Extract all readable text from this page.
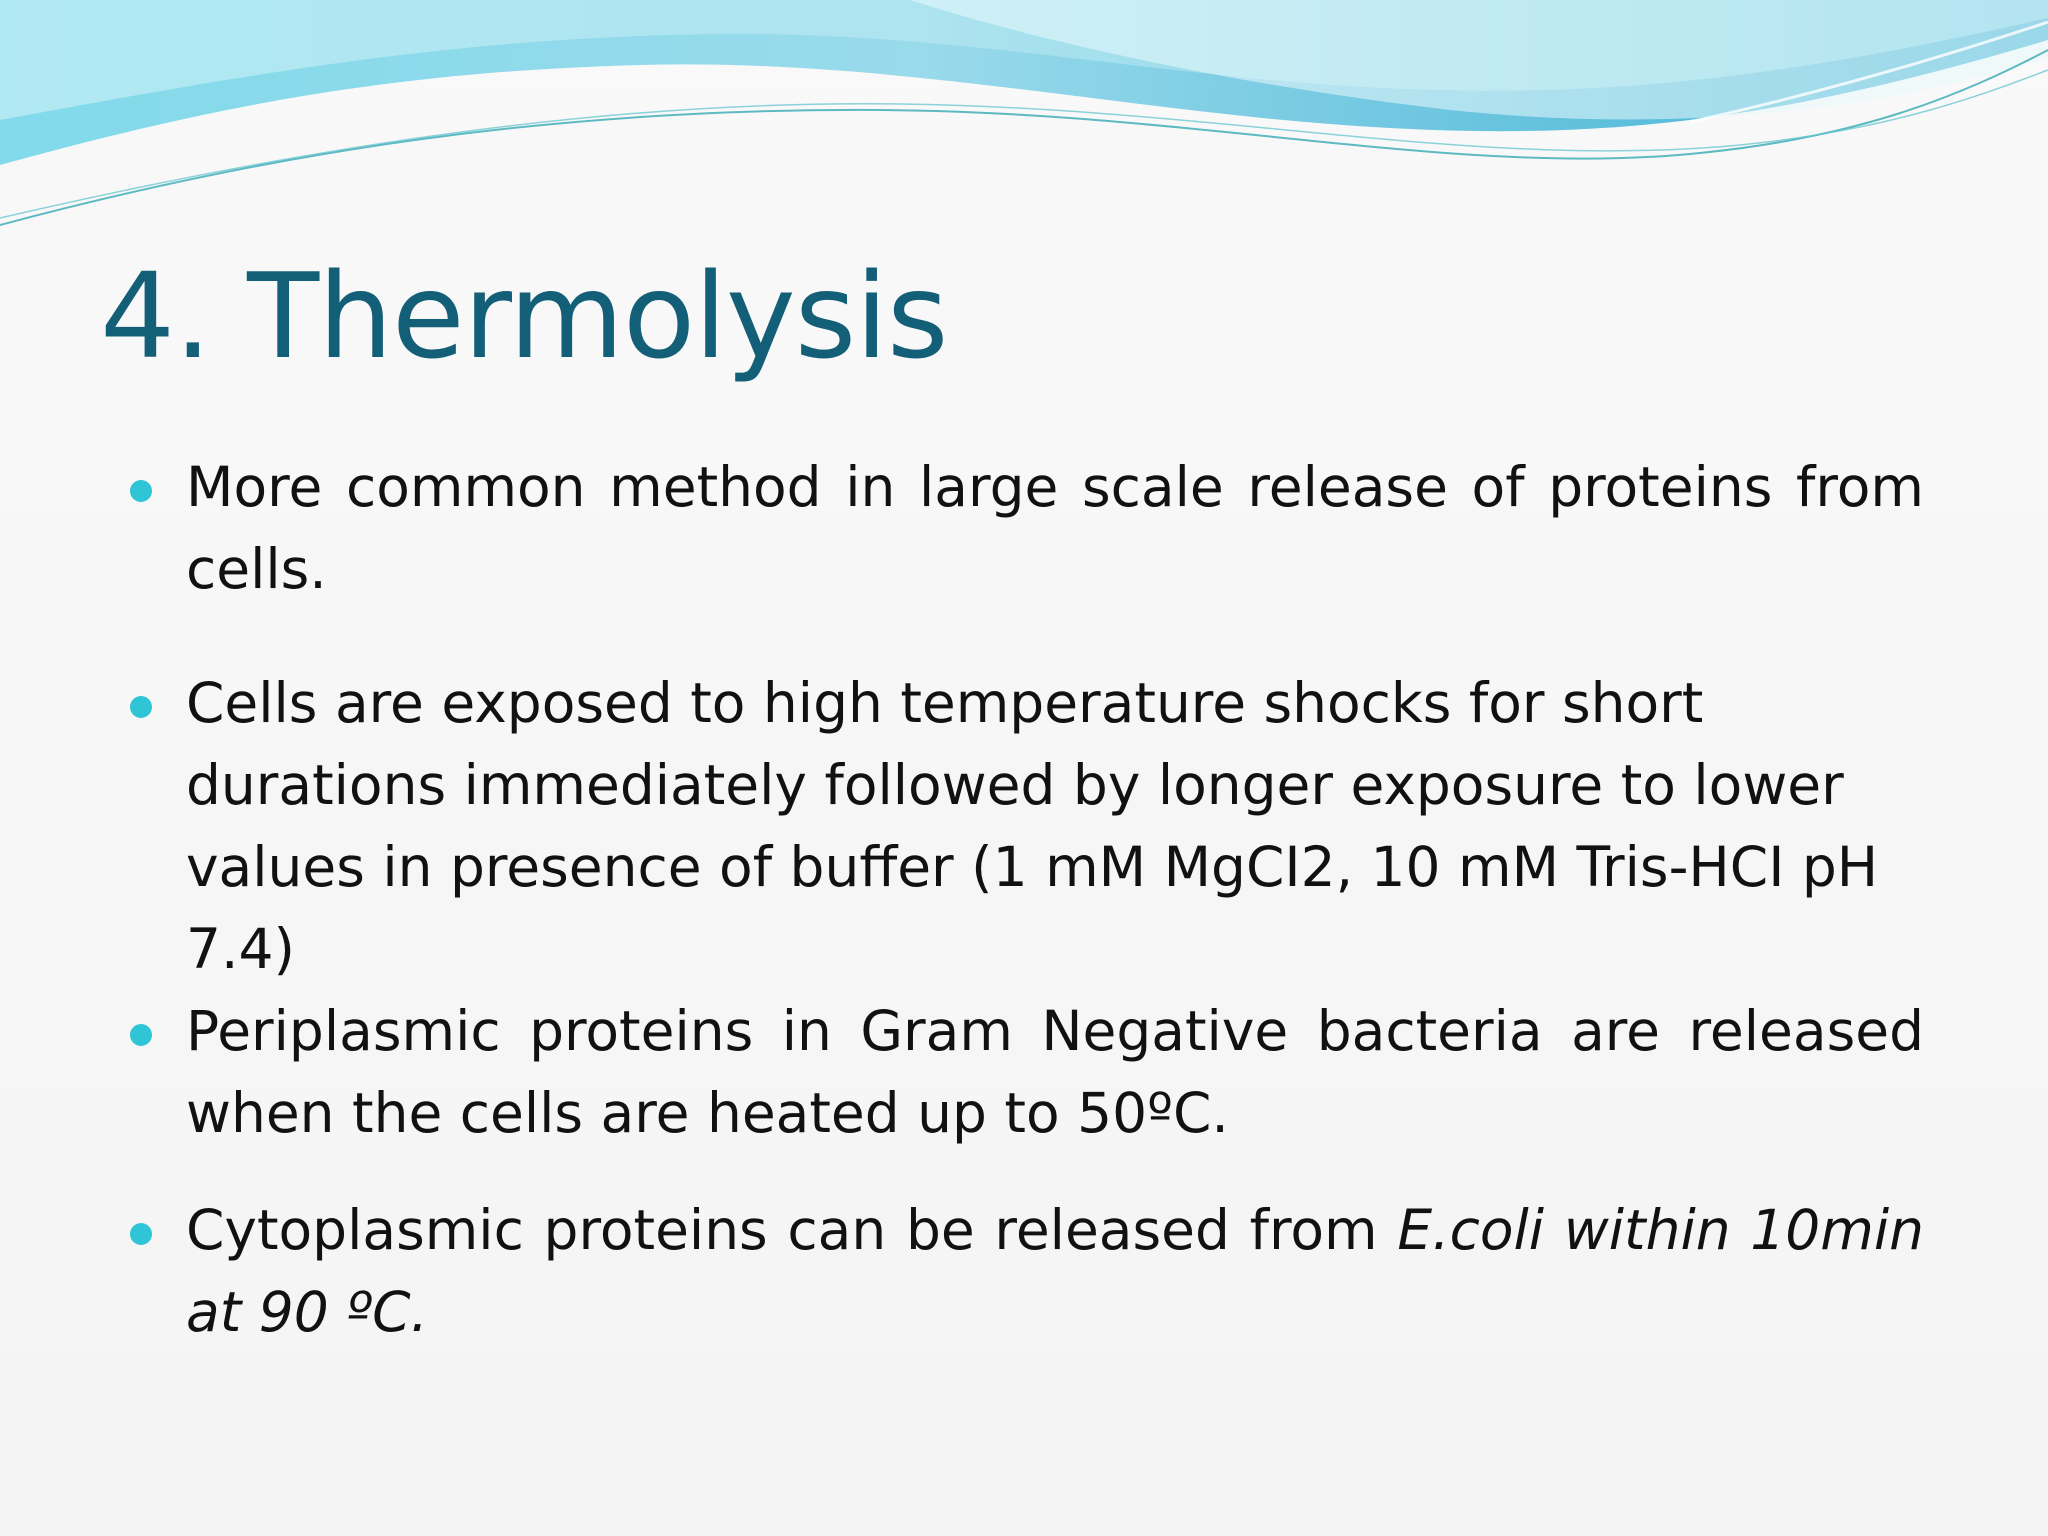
4. Thermolysis
More common method in large scale release of proteins from cells.
Cells are exposed to high temperature shocks for short durations immediately followed by longer exposure to lower values in presence of buffer (1 mM MgCI2, 10 mM Tris-HCI pH 7.4)
Periplasmic proteins in Gram Negative bacteria are released when the cells are heated up to 50ºC.
Cytoplasmic proteins can be released from E.coli within 10min at 90 ºC.
